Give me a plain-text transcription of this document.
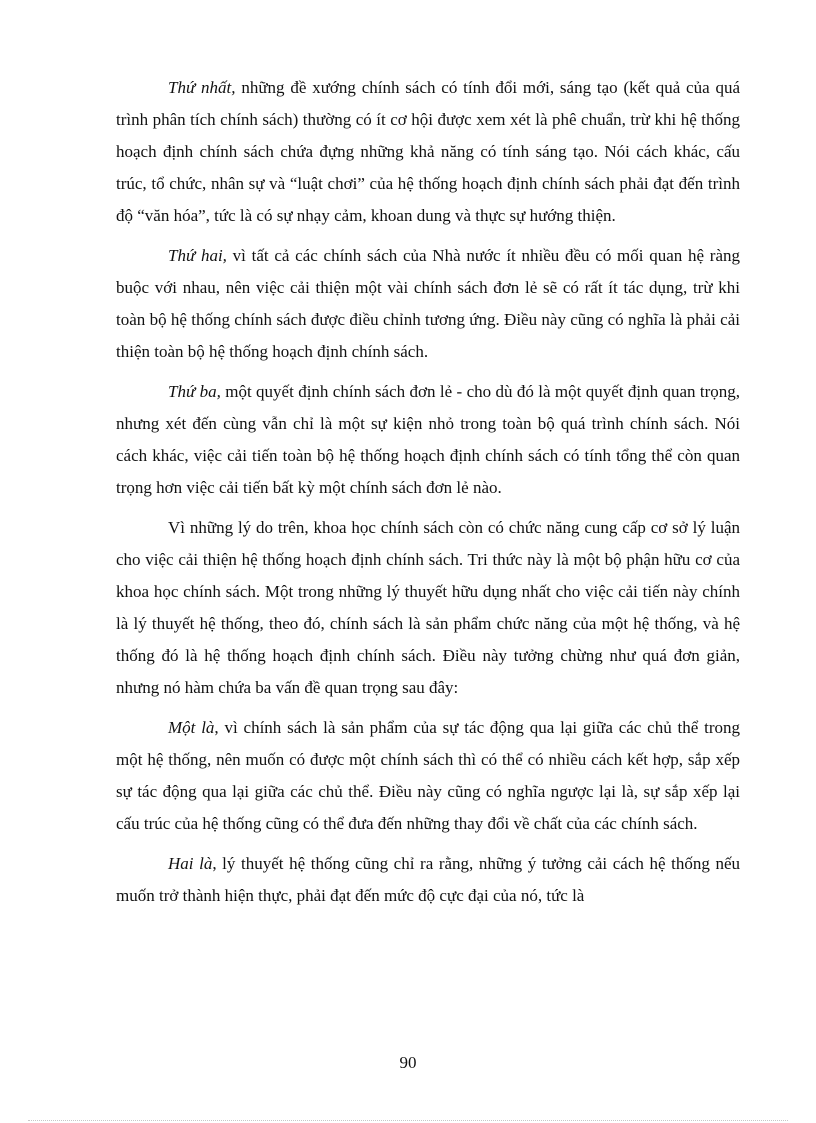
Thứ nhất, những đề xướng chính sách có tính đổi mới, sáng tạo (kết quả của quá trình phân tích chính sách) thường có ít cơ hội được xem xét là phê chuẩn, trừ khi hệ thống hoạch định chính sách chứa đựng những khả năng có tính sáng tạo. Nói cách khác, cấu trúc, tổ chức, nhân sự và “luật chơi” của hệ thống hoạch định chính sách phải đạt đến trình độ “văn hóa”, tức là có sự nhạy cảm, khoan dung và thực sự hướng thiện.

Thứ hai, vì tất cả các chính sách của Nhà nước ít nhiều đều có mối quan hệ ràng buộc với nhau, nên việc cải thiện một vài chính sách đơn lẻ sẽ có rất ít tác dụng, trừ khi toàn bộ hệ thống chính sách được điều chỉnh tương ứng. Điều này cũng có nghĩa là phải cải thiện toàn bộ hệ thống hoạch định chính sách.

Thứ ba, một quyết định chính sách đơn lẻ - cho dù đó là một quyết định quan trọng, nhưng xét đến cùng vẫn chỉ là một sự kiện nhỏ trong toàn bộ quá trình chính sách. Nói cách khác, việc cải tiến toàn bộ hệ thống hoạch định chính sách có tính tổng thể còn quan trọng hơn việc cải tiến bất kỳ một chính sách đơn lẻ nào.

Vì những lý do trên, khoa học chính sách còn có chức năng cung cấp cơ sở lý luận cho việc cải thiện hệ thống hoạch định chính sách. Tri thức này là một bộ phận hữu cơ của khoa học chính sách. Một trong những lý thuyết hữu dụng nhất cho việc cải tiến này chính là lý thuyết hệ thống, theo đó, chính sách là sản phẩm chức năng của một hệ thống, và hệ thống đó là hệ thống hoạch định chính sách. Điều này tưởng chừng như quá đơn giản, nhưng nó hàm chứa ba vấn đề quan trọng sau đây:

Một là, vì chính sách là sản phẩm của sự tác động qua lại giữa các chủ thể trong một hệ thống, nên muốn có được một chính sách thì có thể có nhiều cách kết hợp, sắp xếp sự tác động qua lại giữa các chủ thể. Điều này cũng có nghĩa ngược lại là, sự sắp xếp lại cấu trúc của hệ thống cũng có thể đưa đến những thay đổi về chất của các chính sách.

Hai là, lý thuyết hệ thống cũng chỉ ra rằng, những ý tưởng cải cách hệ thống nếu muốn trở thành hiện thực, phải đạt đến mức độ cực đại của nó, tức là

90
